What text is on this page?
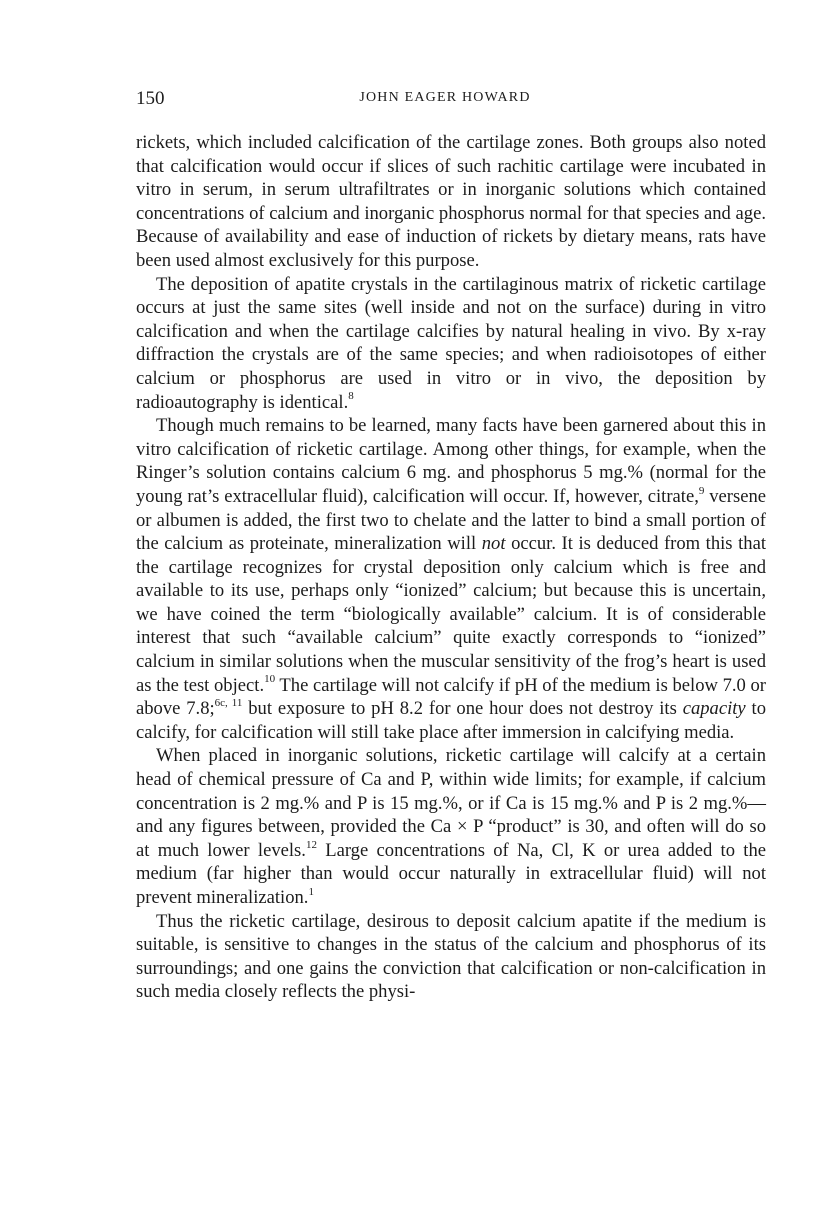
150	JOHN EAGER HOWARD

rickets, which included calcification of the cartilage zones. Both groups also noted that calcification would occur if slices of such rachitic cartilage were incubated in vitro in serum, in serum ultrafiltrates or in inorganic solutions which contained concentrations of calcium and inorganic phosphorus normal for that species and age. Because of availability and ease of induction of rickets by dietary means, rats have been used almost exclusively for this purpose.

The deposition of apatite crystals in the cartilaginous matrix of ricketic cartilage occurs at just the same sites (well inside and not on the surface) during in vitro calcification and when the cartilage calcifies by natural healing in vivo. By x-ray diffraction the crystals are of the same species; and when radioisotopes of either calcium or phosphorus are used in vitro or in vivo, the deposition by radioautography is identical.$^8$

Though much remains to be learned, many facts have been garnered about this in vitro calcification of ricketic cartilage. Among other things, for example, when the Ringer’s solution contains calcium 6 mg. and phosphorus 5 mg.% (normal for the young rat’s extracellular fluid), calcification will occur. If, however, citrate,$^9$ versene or albumen is added, the first two to chelate and the latter to bind a small portion of the calcium as proteinate, mineralization will not occur. It is deduced from this that the cartilage recognizes for crystal deposition only calcium which is free and available to its use, perhaps only “ionized” calcium; but because this is uncertain, we have coined the term “biologically available” calcium. It is of considerable interest that such “available calcium” quite exactly corresponds to “ionized” calcium in similar solutions when the muscular sensitivity of the frog’s heart is used as the test object.$^{10}$ The cartilage will not calcify if pH of the medium is below 7.0 or above 7.8;$^{6c, 11}$ but exposure to pH 8.2 for one hour does not destroy its capacity to calcify, for calcification will still take place after immersion in calcifying media.

When placed in inorganic solutions, ricketic cartilage will calcify at a certain head of chemical pressure of Ca and P, within wide limits; for example, if calcium concentration is 2 mg.% and P is 15 mg.%, or if Ca is 15 mg.% and P is 2 mg.%—and any figures between, provided the Ca × P “product” is 30, and often will do so at much lower levels.$^{12}$ Large concentrations of Na, Cl, K or urea added to the medium (far higher than would occur naturally in extracellular fluid) will not prevent mineralization.$^1$

Thus the ricketic cartilage, desirous to deposit calcium apatite if the medium is suitable, is sensitive to changes in the status of the calcium and phosphorus of its surroundings; and one gains the conviction that calcification or non-calcification in such media closely reflects the physi-
